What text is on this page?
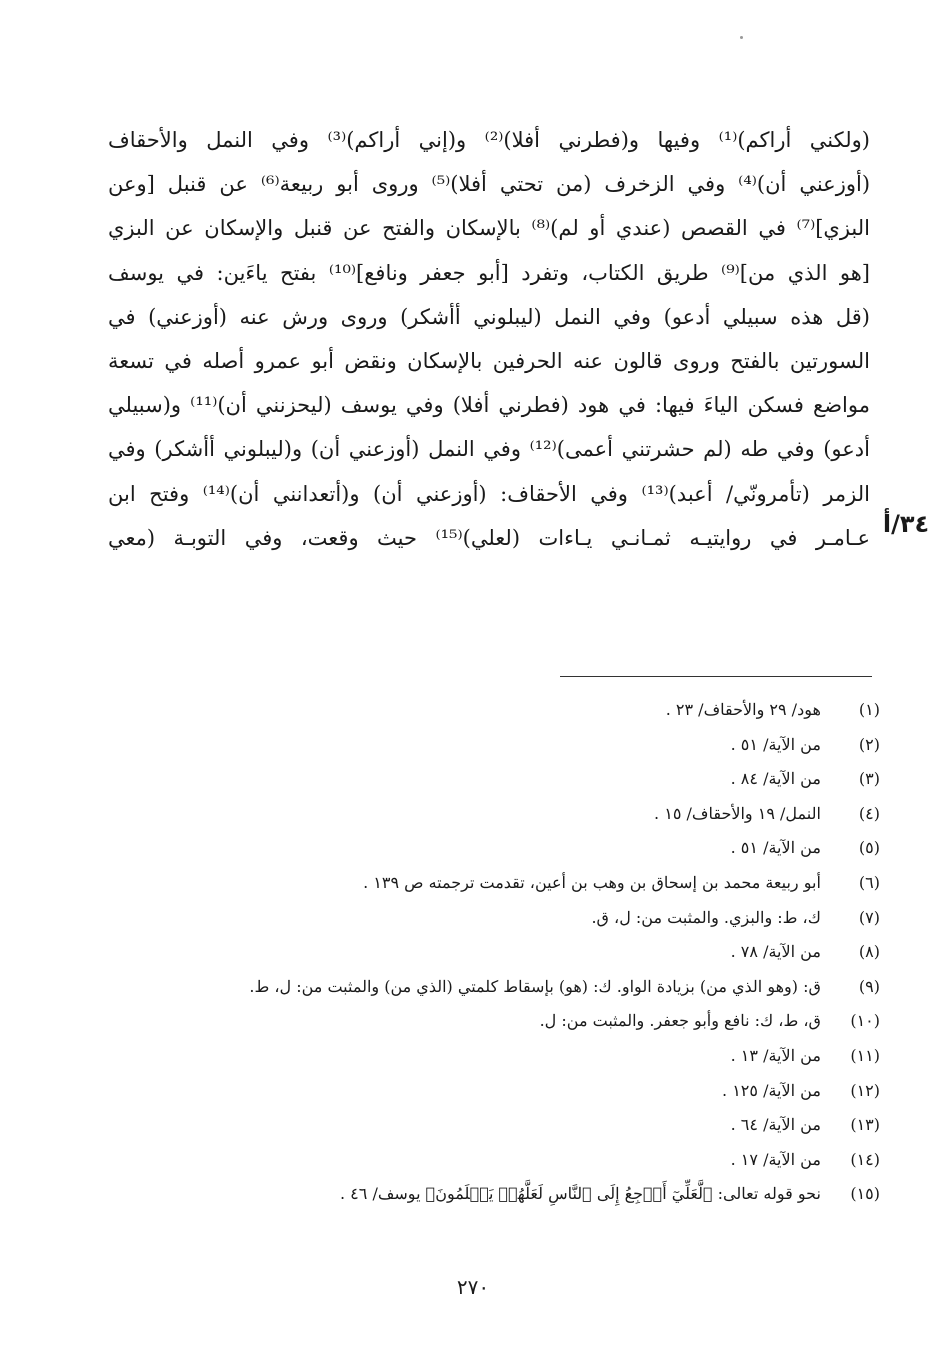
(ولكني أراكم)⁽¹⁾ وفيها و(فطرني أفلا)⁽²⁾ و(إني أراكم)⁽³⁾ وفي النمل والأحقاف
(أوزعني أن)⁽⁴⁾ وفي الزخرف (من تحتي أفلا)⁽⁵⁾ وروى أبو ربيعة⁽⁶⁾ عن قنبل [وعن
البزي]⁽⁷⁾ في القصص (عندي أو لم)⁽⁸⁾ بالإسكان والفتح عن قنبل والإسكان عن البزي
[هو الذي من]⁽⁹⁾ طريق الكتاب، وتفرد [أبو جعفر ونافع]⁽¹⁰⁾ بفتح ياءَين: في يوسف
(قل هذه سبيلي أدعو) وفي النمل (ليبلوني أأشكر) وروى ورش عنه (أوزعني) في
السورتين بالفتح وروى قالون عنه الحرفين بالإسكان ونقض أبو عمرو أصله في تسعة
مواضع فسكن الياءَ فيها: في هود (فطرني أفلا) وفي يوسف (ليحزنني أن)⁽¹¹⁾ و(سبيلي
أدعو) وفي طه (لم حشرتني أعمى)⁽¹²⁾ وفي النمل (أوزعني أن) و(ليبلوني أأشكر) وفي
الزمر (تأمرونّي/ أعبد)⁽¹³⁾ وفي الأحقاف: (أوزعني أن) و(أتعدانني أن)⁽¹⁴⁾ وفتح ابن
عـامـر في روايتيـه ثمـانـي يـاءات (لعلي)⁽¹⁵⁾ حيث وقعت، وفي التوبـة (معي ٣٤/أ
(١) هود/ ٢٩ والأحقاف/ ٢٣ .
(٢) من الآية/ ٥١ .
(٣) من الآية/ ٨٤ .
(٤) النمل/ ١٩ والأحقاف/ ١٥ .
(٥) من الآية/ ٥١ .
(٦) أبو ربيعة محمد بن إسحاق بن وهب بن أعين، تقدمت ترجمته ص ١٣٩ .
(٧) ك، ط: والبزي. والمثبت من: ل، ق.
(٨) من الآية/ ٧٨ .
(٩) ق: (وهو الذي من) بزيادة الواو. ك: (هو) بإسقاط كلمتي (الذي من) والمثبت من: ل، ط.
(١٠) ق، ط، ك: نافع وأبو جعفر. والمثبت من: ل.
(١١) من الآية/ ١٣ .
(١٢) من الآية/ ١٢٥ .
(١٣) من الآية/ ٦٤ .
(١٤) من الآية/ ١٧ .
(١٥) نحو قوله تعالى: ﴿لَّعَلِّيٓ أَرۡجِعُ إِلَى ٱلنَّاسِ لَعَلَّهُمۡ يَعۡلَمُونَ﴾ يوسف/ ٤٦ .
٢٧٠
